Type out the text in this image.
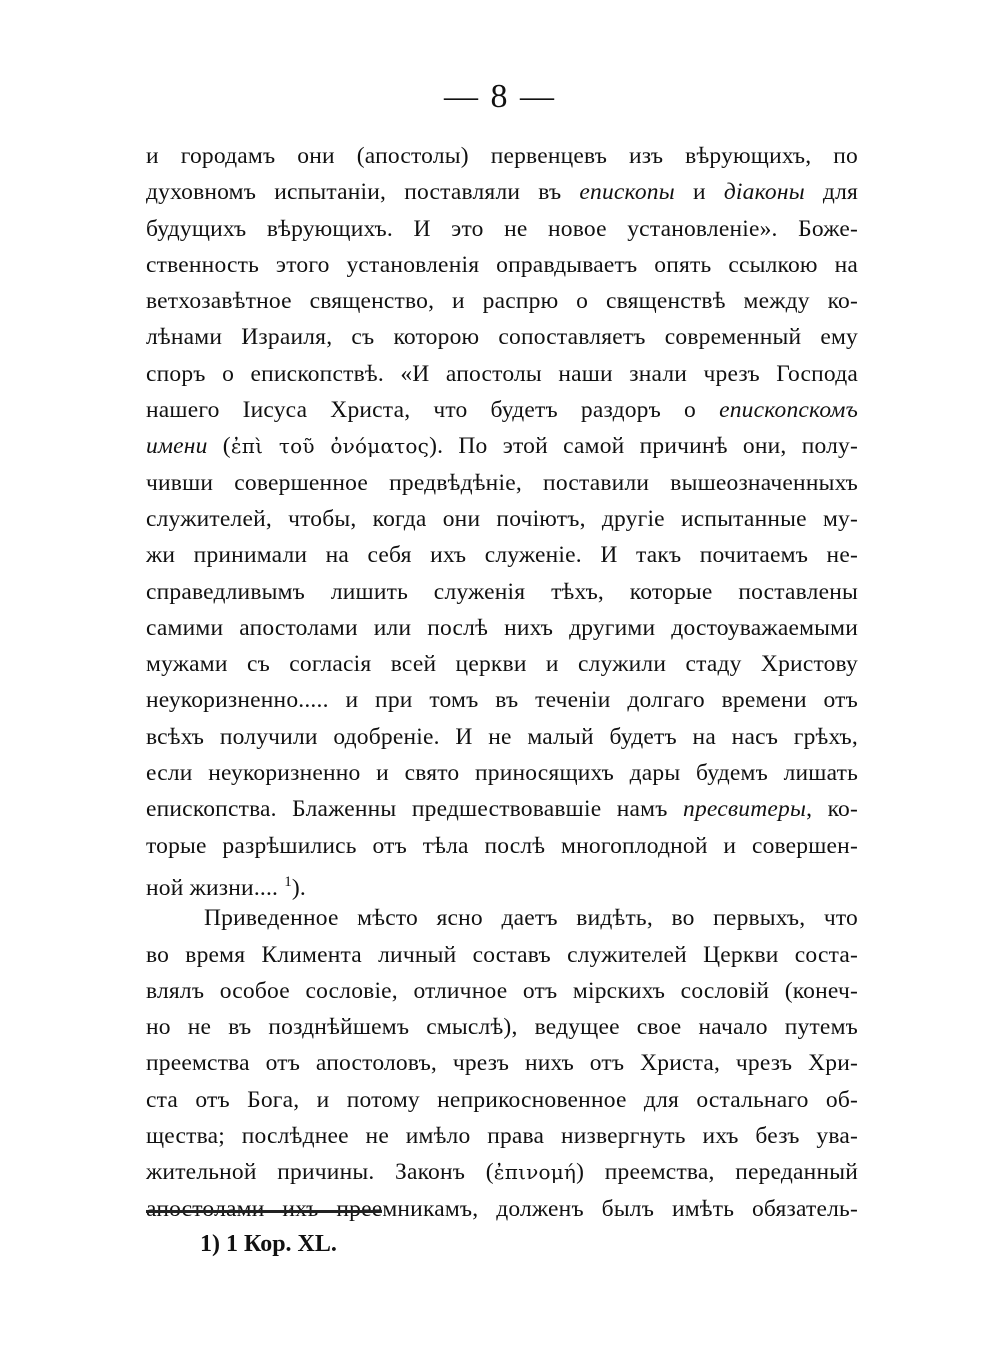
— 8 —
и городамъ они (апостолы) первенцевъ изъ вѣрующихъ, по
духовномъ испытаніи, поставляли въ епископы и діаконы для
будущихъ вѣрующихъ. И это не новое установленіе». Боже-
ственность этого установленія оправдываетъ опять ссылкою на
ветхозавѣтное священство, и распрю о священствѣ между ко-
лѣнами Израиля, съ которою сопоставляетъ современный ему
споръ о епископствѣ. «И апостолы наши знали чрезъ Господа
нашего Іисуса Христа, что будетъ раздоръ о епископскомъ
имени (ἐπὶ τοῦ ὀνόματος). По этой самой причинѣ они, полу-
чивши совершенное предвѣдѣніе, поставили вышеозначенныхъ
служителей, чтобы, когда они почіютъ, другіе испытанные му-
жи принимали на себя ихъ служеніе. И такъ почитаемъ не-
справедливымъ лишить служенія тѣхъ, которые поставлены
самими апостолами или послѣ нихъ другими достоуважаемыми
мужами съ согласія всей церкви и служили стаду Христову
неукоризненно..... и при томъ въ теченіи долгаго времени отъ
всѣхъ получили одобреніе. И не малый будетъ на насъ грѣхъ,
если неукоризненно и свято приносящихъ дары будемъ лишать
епископства. Блаженны предшествовавшіе намъ пресвитеры, ко-
торые разрѣшились отъ тѣла послѣ многоплодной и совершен-
ной жизни.... $^1$).
Приведенное мѣсто ясно даетъ видѣть, во первыхъ, что
во время Климента личный составъ служителей Церкви соста-
влялъ особое сословіе, отличное отъ мірскихъ сословій (конеч-
но не въ позднѣйшемъ смыслѣ), ведущее свое начало путемъ
преемства отъ апостоловъ, чрезъ нихъ отъ Христа, чрезъ Хри-
ста отъ Бога, и потому неприкосновенное для остальнаго об-
щества; послѣднее не имѣло права низвергнуть ихъ безъ ува-
жительной причины. Законъ (ἐπινομή) преемства, переданный
апостолами ихъ преемникамъ, долженъ былъ имѣть обязатель-
1) 1 Кор. XL.
